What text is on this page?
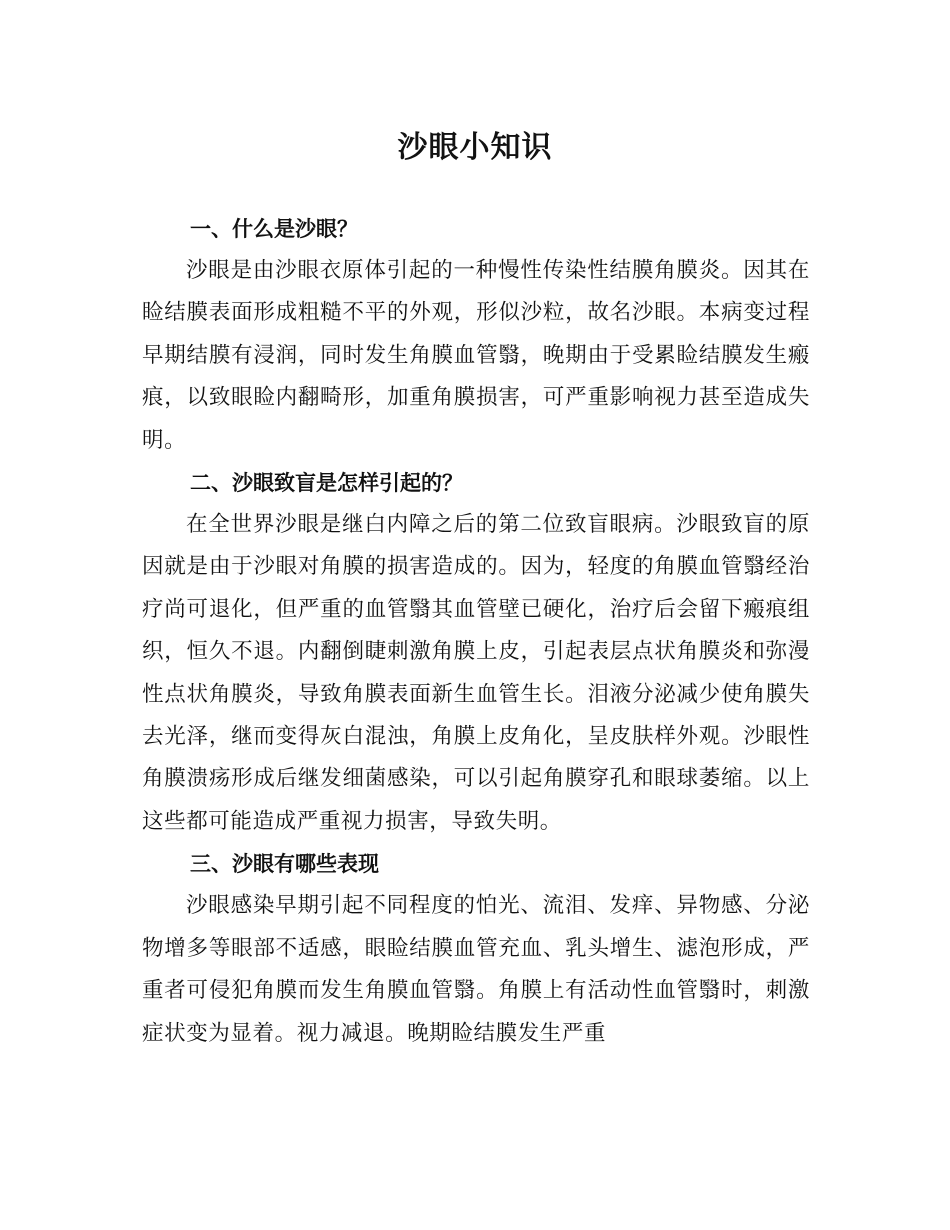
沙眼小知识
一、什么是沙眼？

沙眼是由沙眼衣原体引起的一种慢性传染性结膜角膜炎。因其在睑结膜表面形成粗糙不平的外观，形似沙粒，故名沙眼。本病变过程早期结膜有浸润，同时发生角膜血管翳，晚期由于受累睑结膜发生瘢痕，以致眼睑内翻畸形，加重角膜损害，可严重影响视力甚至造成失明。

二、沙眼致盲是怎样引起的？

在全世界沙眼是继白内障之后的第二位致盲眼病。沙眼致盲的原因就是由于沙眼对角膜的损害造成的。因为，轻度的角膜血管翳经治疗尚可退化，但严重的血管翳其血管壁已硬化，治疗后会留下瘢痕组织，恒久不退。内翻倒睫刺激角膜上皮，引起表层点状角膜炎和弥漫性点状角膜炎，导致角膜表面新生血管生长。泪液分泌减少使角膜失去光泽，继而变得灰白混浊，角膜上皮角化，呈皮肤样外观。沙眼性角膜溃疡形成后继发细菌感染，可以引起角膜穿孔和眼球萎缩。以上这些都可能造成严重视力损害，导致失明。

三、沙眼有哪些表现

沙眼感染早期引起不同程度的怕光、流泪、发痒、异物感、分泌物增多等眼部不适感，眼睑结膜血管充血、乳头增生、滤泡形成，严重者可侵犯角膜而发生角膜血管翳。角膜上有活动性血管翳时，刺激症状变为显着。视力减退。晚期睑结膜发生严重
